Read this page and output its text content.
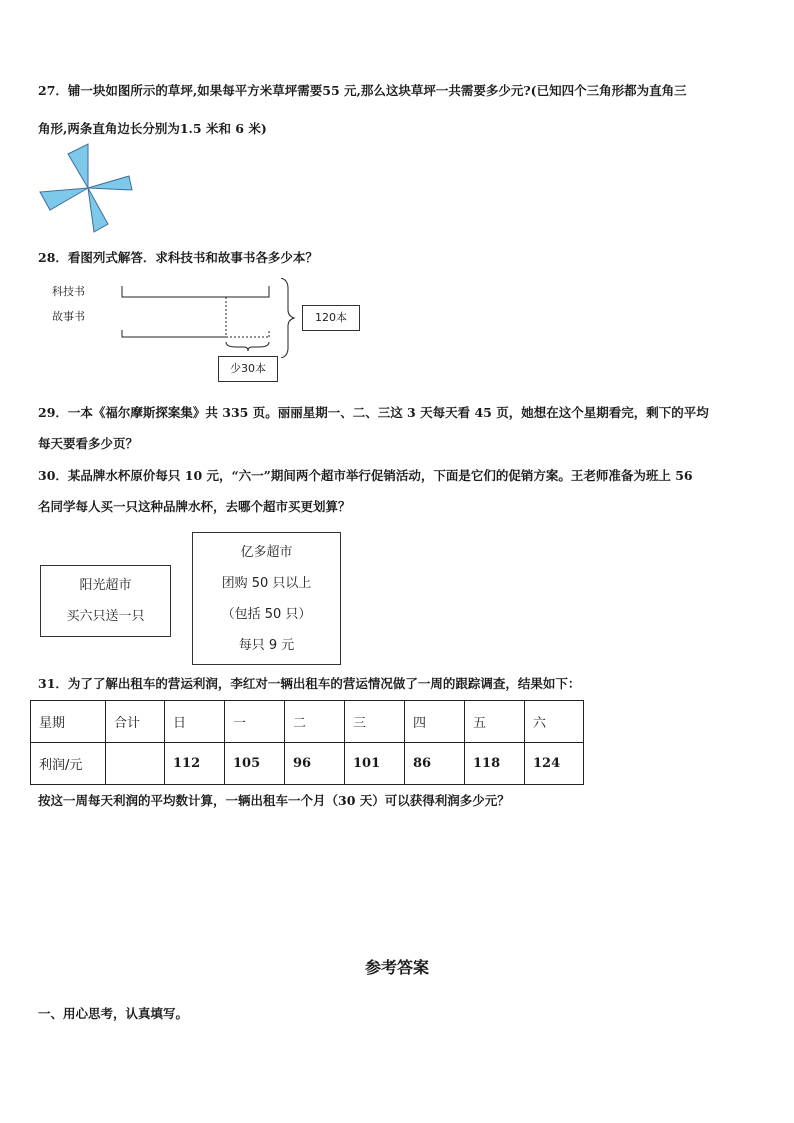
27．铺一块如图所示的草坪,如果每平方米草坪需要55 元,那么这块草坪一共需要多少元?(已知四个三角形都为直角三
角形,两条直角边长分别为1.5 米和 6 米)
28．看图列式解答．求科技书和故事书各多少本？
科技书
故事书	120本
少30本
29．一本《福尔摩斯探案集》共 335 页。丽丽星期一、二、三这 3 天每天看 45 页，她想在这个星期看完，剩下的平均
每天要看多少页？
30．某品牌水杯原价每只 10 元，“六一”期间两个超市举行促销活动，下面是它们的促销方案。王老师准备为班上 56
名同学每人买一只这种品牌水杯，去哪个超市买更划算？
阳光超市
买六只送一只
亿多超市
团购 50 只以上
（包括 50 只）
每只 9 元
31．为了了解出租车的营运利润，李红对一辆出租车的营运情况做了一周的跟踪调查，结果如下：
星期	合计	日	一	二	三	四	五	六
利润/元		112	105	96	101	86	118	124
按这一周每天利润的平均数计算，一辆出租车一个月（30 天）可以获得利润多少元？
参考答案
一、用心思考，认真填写。
